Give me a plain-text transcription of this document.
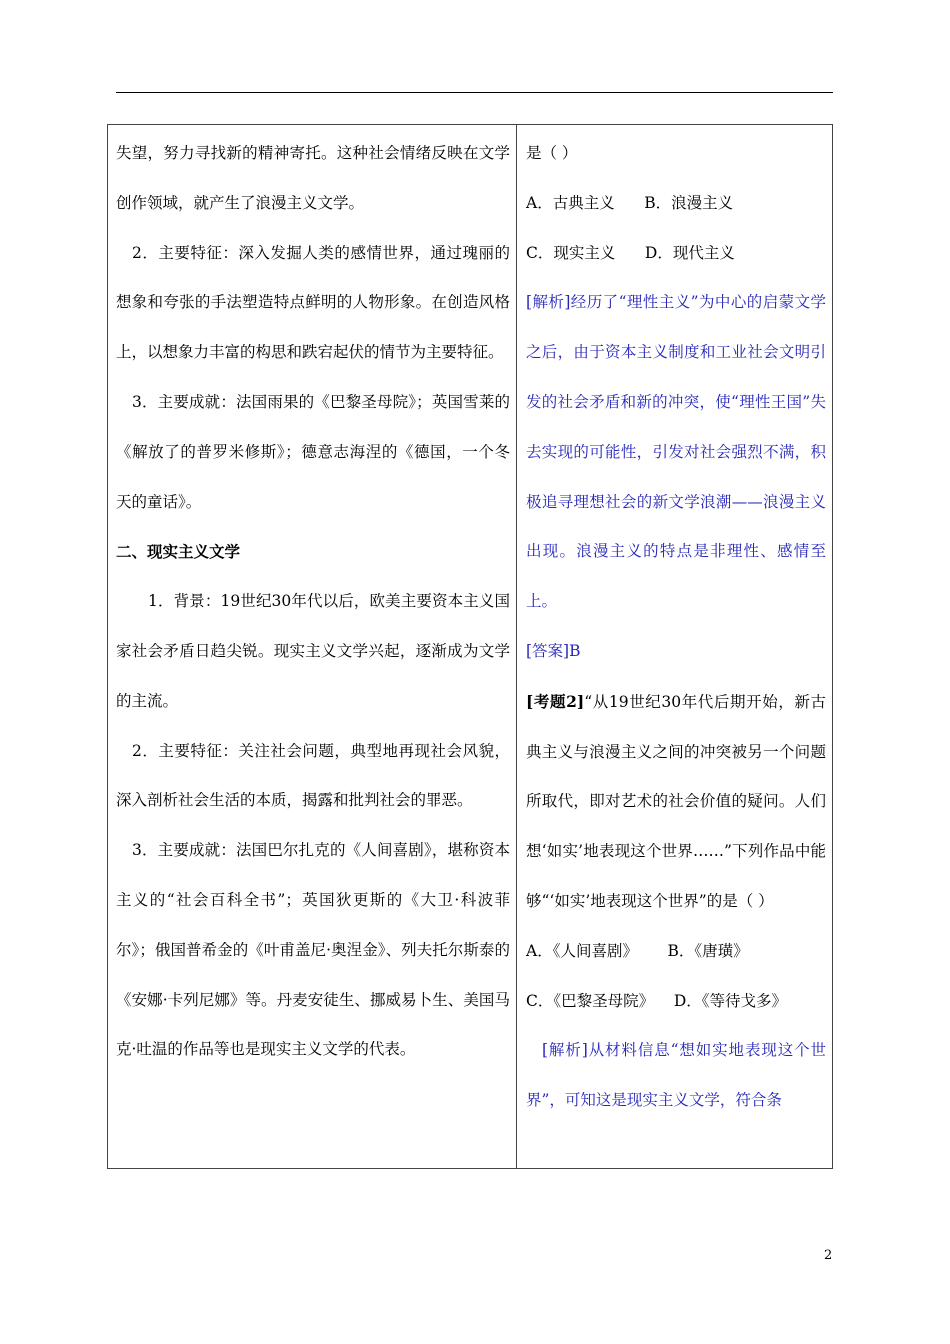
失望，努力寻找新的精神寄托。这种社会情绪反映在文学创作领域，就产生了浪漫主义文学。

2．主要特征：深入发掘人类的感情世界，通过瑰丽的想象和夸张的手法塑造特点鲜明的人物形象。在创造风格上，以想象力丰富的构思和跌宕起伏的情节为主要特征。

3．主要成就：法国雨果的《巴黎圣母院》；英国雪莱的《解放了的普罗米修斯》；德意志海涅的《德国，一个冬天的童话》。

二、现实主义文学

1．背景：19世纪30年代以后，欧美主要资本主义国家社会矛盾日趋尖锐。现实主义文学兴起，逐渐成为文学的主流。

2．主要特征：关注社会问题，典型地再现社会风貌，深入剖析社会生活的本质，揭露和批判社会的罪恶。

3．主要成就：法国巴尔扎克的《人间喜剧》，堪称资本主义的“社会百科全书”；英国狄更斯的《大卫·科波菲尔》；俄国普希金的《叶甫盖尼·奥涅金》、列夫托尔斯泰的《安娜·卡列尼娜》等。丹麦安徒生、挪威易卜生、美国马克·吐温的作品等也是现实主义文学的代表。

是（ ）

A．古典主义      B．浪漫主义

C．现实主义      D．现代主义

[解析]经历了“理性主义”为中心的启蒙文学之后，由于资本主义制度和工业社会文明引发的社会矛盾和新的冲突，使“理性王国”失去实现的可能性，引发对社会强烈不满，积极追寻理想社会的新文学浪潮——浪漫主义出现。浪漫主义的特点是非理性、感情至上。

[答案]B

[考题2]“从19世纪30年代后期开始，新古典主义与浪漫主义之间的冲突被另一个问题所取代，即对艺术的社会价值的疑问。人们想‘如实’地表现这个世界……”下列作品中能够“‘如实’地表现这个世界”的是（ ）

A．《人间喜剧》      B．《唐璜》

C．《巴黎圣母院》    D．《等待戈多》

[解析]从材料信息“想如实地表现这个世界”，可知这是现实主义文学，符合条

2
